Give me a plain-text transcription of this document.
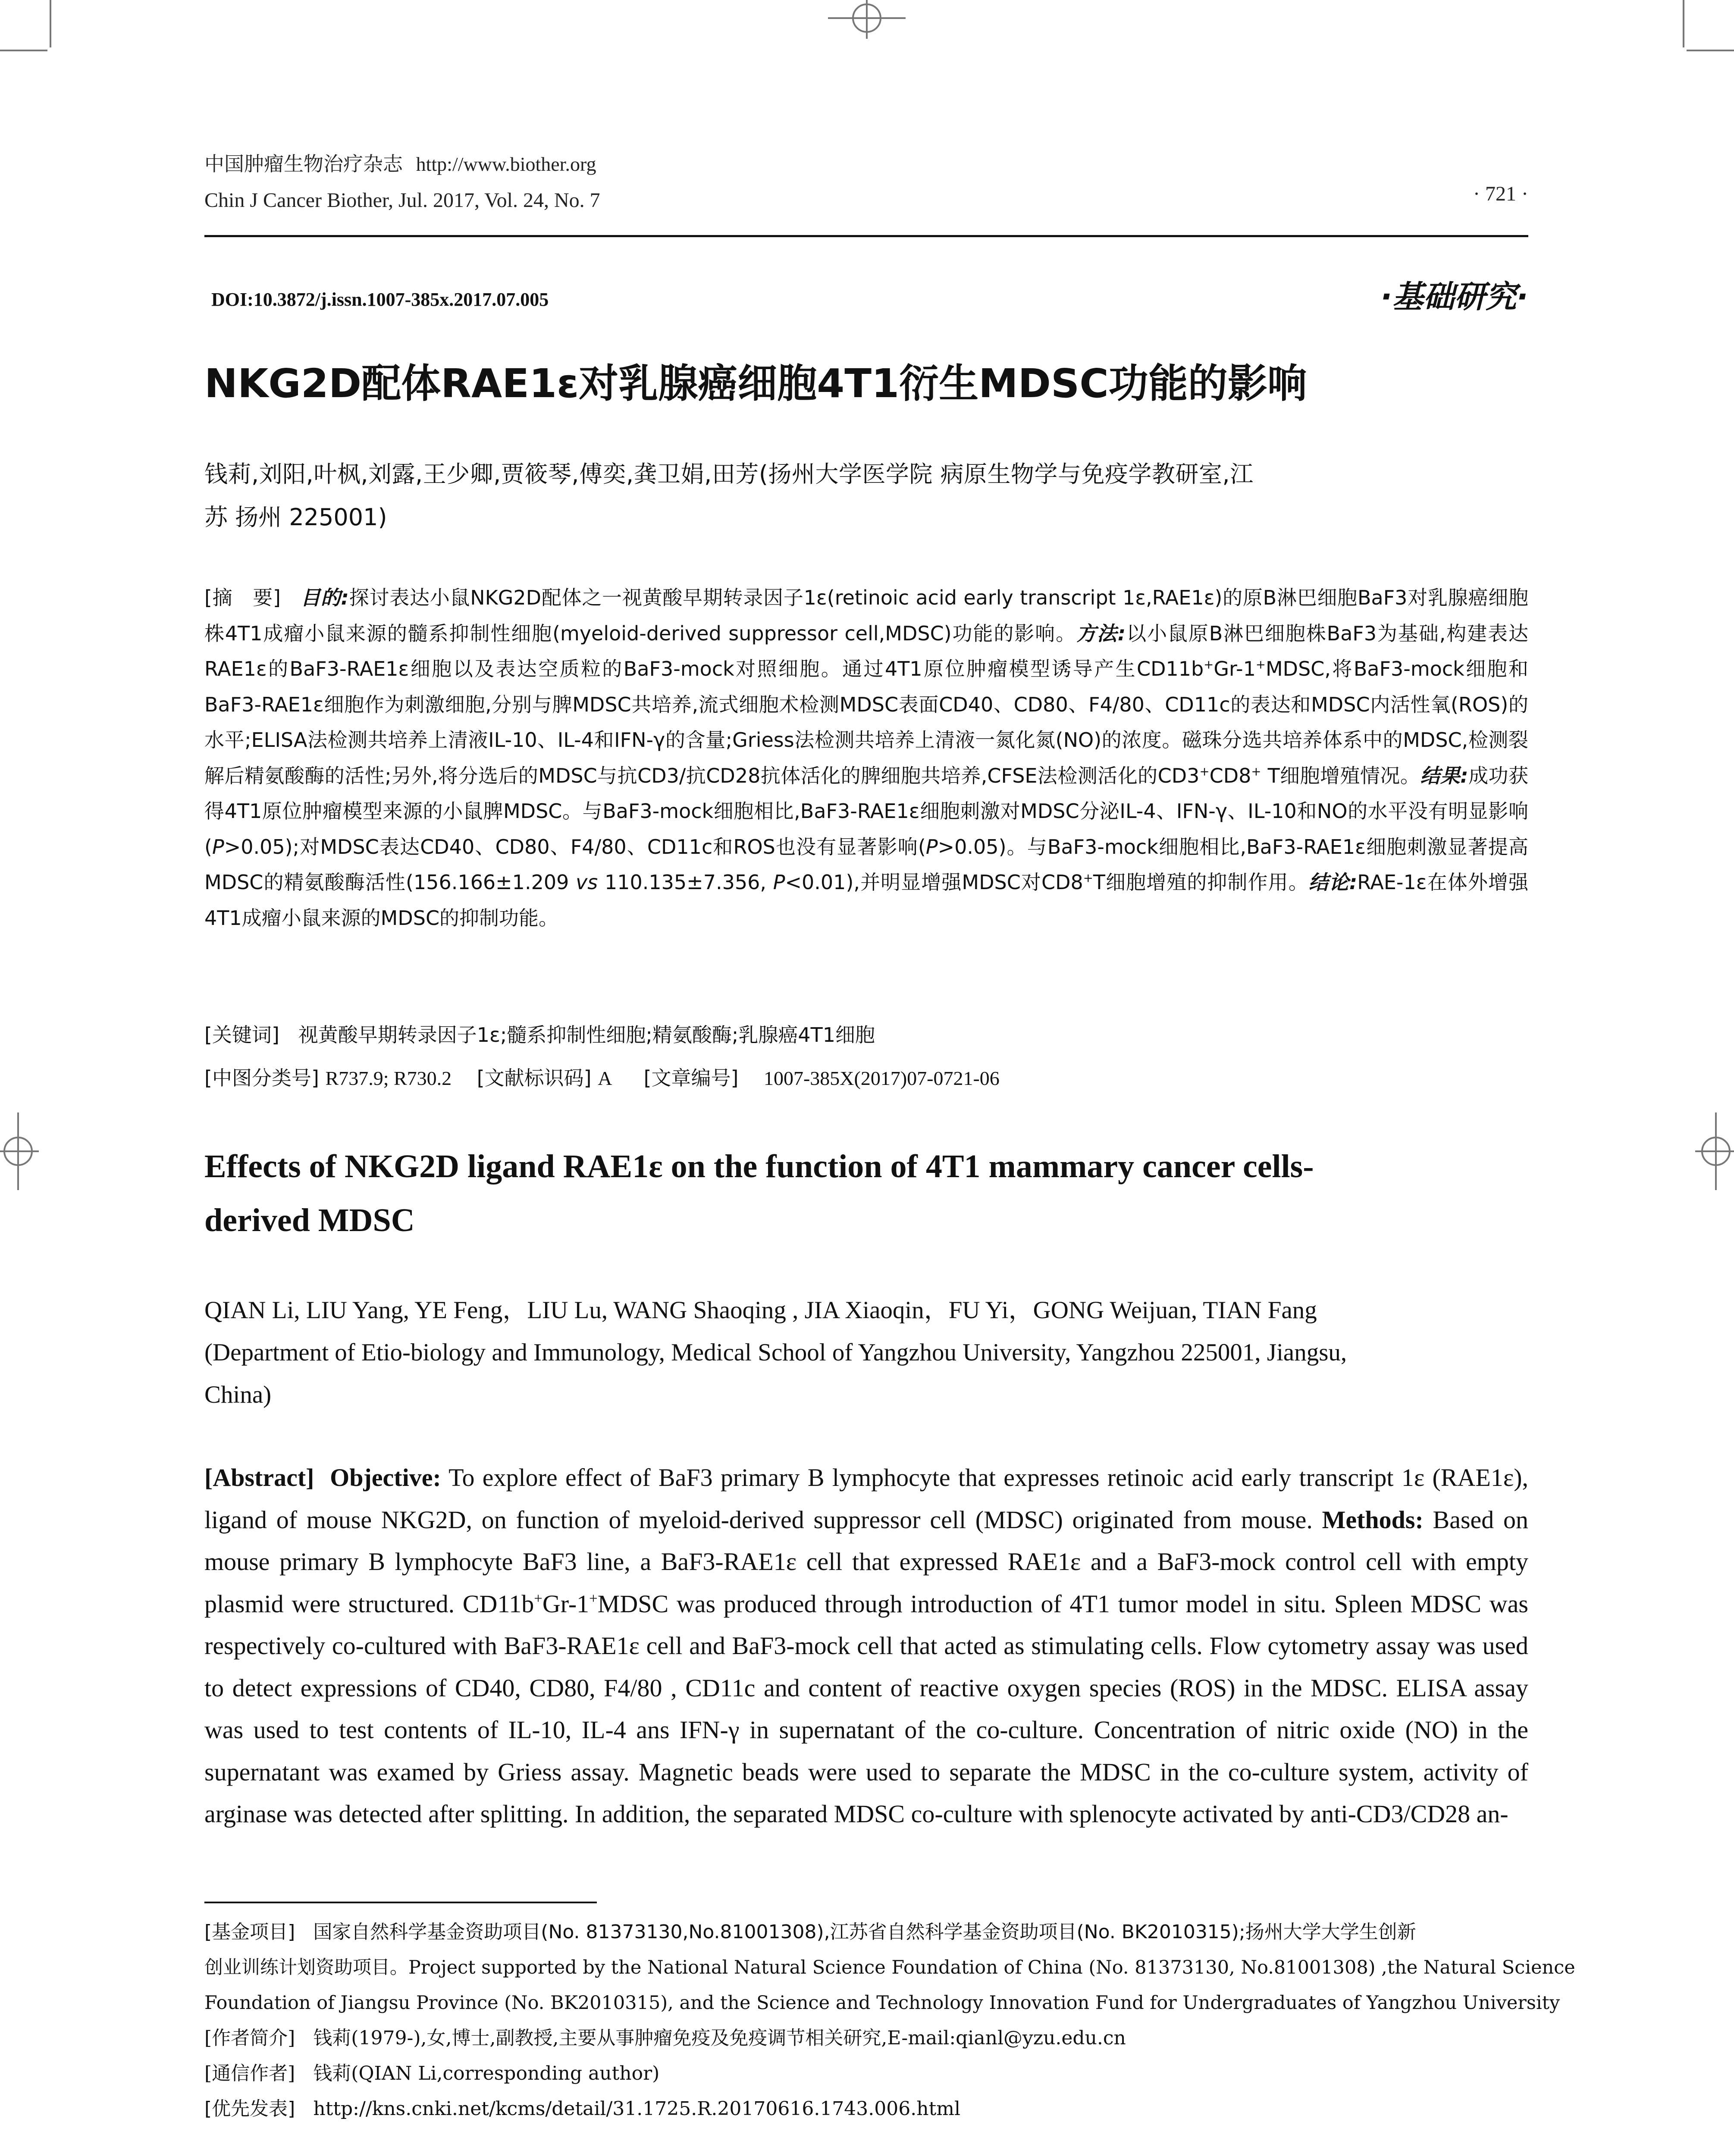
中国肿瘤生物治疗杂志 http://www.biother.org
Chin J Cancer Biother, Jul. 2017, Vol. 24, No. 7	· 721 ·
DOI:10.3872/j.issn.1007-385x.2017.07.005	·基础研究·
NKG2D配体RAE1ε对乳腺癌细胞4T1衍生MDSC功能的影响
钱莉,刘阳,叶枫,刘露,王少卿,贾筱琴,傅奕,龚卫娟,田芳(扬州大学医学院 病原生物学与免疫学教研室,江
苏 扬州 225001)
[摘　要] 目的:探讨表达小鼠NKG2D配体之一视黄酸早期转录因子1ε(retinoic acid early transcript 1ε,RAE1ε)的原B淋巴细胞BaF3对乳腺癌细胞株4T1成瘤小鼠来源的髓系抑制性细胞(myeloid-derived suppressor cell,MDSC)功能的影响。方法:以小鼠原B淋巴细胞株BaF3为基础,构建表达RAE1ε的BaF3-RAE1ε细胞以及表达空质粒的BaF3-mock对照细胞。通过4T1原位肿瘤模型诱导产生CD11b+Gr-1+MDSC,将BaF3-mock细胞和BaF3-RAE1ε细胞作为刺激细胞,分别与脾MDSC共培养,流式细胞术检测MDSC表面CD40、CD80、F4/80、CD11c的表达和MDSC内活性氧(ROS)的水平;ELISA法检测共培养上清液IL-10、IL-4和IFN-γ的含量;Griess法检测共培养上清液一氮化氮(NO)的浓度。磁珠分选共培养体系中的MDSC,检测裂解后精氨酸酶的活性;另外,将分选后的MDSC与抗CD3/抗CD28抗体活化的脾细胞共培养,CFSE法检测活化的CD3+CD8+ T细胞增殖情况。结果:成功获得4T1原位肿瘤模型来源的小鼠脾MDSC。与BaF3-mock细胞相比,BaF3-RAE1ε细胞刺激对MDSC分泌IL-4、IFN-γ、IL-10和NO的水平没有明显影响(P>0.05);对MDSC表达CD40、CD80、F4/80、CD11c和ROS也没有显著影响(P>0.05)。与BaF3-mock细胞相比,BaF3-RAE1ε细胞刺激显著提高MDSC的精氨酸酶活性(156.166±1.209 vs 110.135±7.356, P<0.01),并明显增强MDSC对CD8+T细胞增殖的抑制作用。结论:RAE-1ε在体外增强4T1成瘤小鼠来源的MDSC的抑制功能。
[关键词] 视黄酸早期转录因子1ε;髓系抑制性细胞;精氨酸酶;乳腺癌4T1细胞
[中图分类号] R737.9; R730.2 [文献标识码] A [文章编号] 1007-385X(2017)07-0721-06
Effects of NKG2D ligand RAE1ε on the function of 4T1 mammary cancer cells-
derived MDSC
QIAN Li, LIU Yang, YE Feng，LIU Lu, WANG Shaoqing , JIA Xiaoqin，FU Yi，GONG Weijuan, TIAN Fang
(Department of Etio-biology and Immunology, Medical School of Yangzhou University, Yangzhou 225001, Jiangsu,
China)
[Abstract] Objective: To explore effect of BaF3 primary B lymphocyte that expresses retinoic acid early transcript 1ε (RAE1ε), ligand of mouse NKG2D, on function of myeloid-derived suppressor cell (MDSC) originated from mouse. Methods: Based on mouse primary B lymphocyte BaF3 line, a BaF3-RAE1ε cell that expressed RAE1ε and a BaF3-mock control cell with empty plasmid were structured. CD11b+Gr-1+MDSC was produced through introduction of 4T1 tumor model in situ. Spleen MDSC was respectively co-cultured with BaF3-RAE1ε cell and BaF3-mock cell that acted as stimulating cells. Flow cytometry assay was used to detect expressions of CD40, CD80, F4/80 , CD11c and content of reactive oxygen species (ROS) in the MDSC. ELISA assay was used to test contents of IL-10, IL-4 ans IFN-γ in supernatant of the co-culture. Concentration of nitric oxide (NO) in the supernatant was examed by Griess assay. Magnetic beads were used to separate the MDSC in the co-culture system, activity of arginase was detected after splitting. In addition, the separated MDSC co-culture with splenocyte activated by anti-CD3/CD28 an-
[基金项目] 国家自然科学基金资助项目(No. 81373130,No.81001308),江苏省自然科学基金资助项目(No. BK2010315);扬州大学大学生创新
创业训练计划资助项目。Project supported by the National Natural Science Foundation of China (No. 81373130, No.81001308) ,the Natural Science
Foundation of Jiangsu Province (No. BK2010315), and the Science and Technology Innovation Fund for Undergraduates of Yangzhou University
[作者简介] 钱莉(1979-),女,博士,副教授,主要从事肿瘤免疫及免疫调节相关研究,E-mail:qianl@yzu.edu.cn
[通信作者] 钱莉(QIAN Li,corresponding author)
[优先发表] http://kns.cnki.net/kcms/detail/31.1725.R.20170616.1743.006.html
